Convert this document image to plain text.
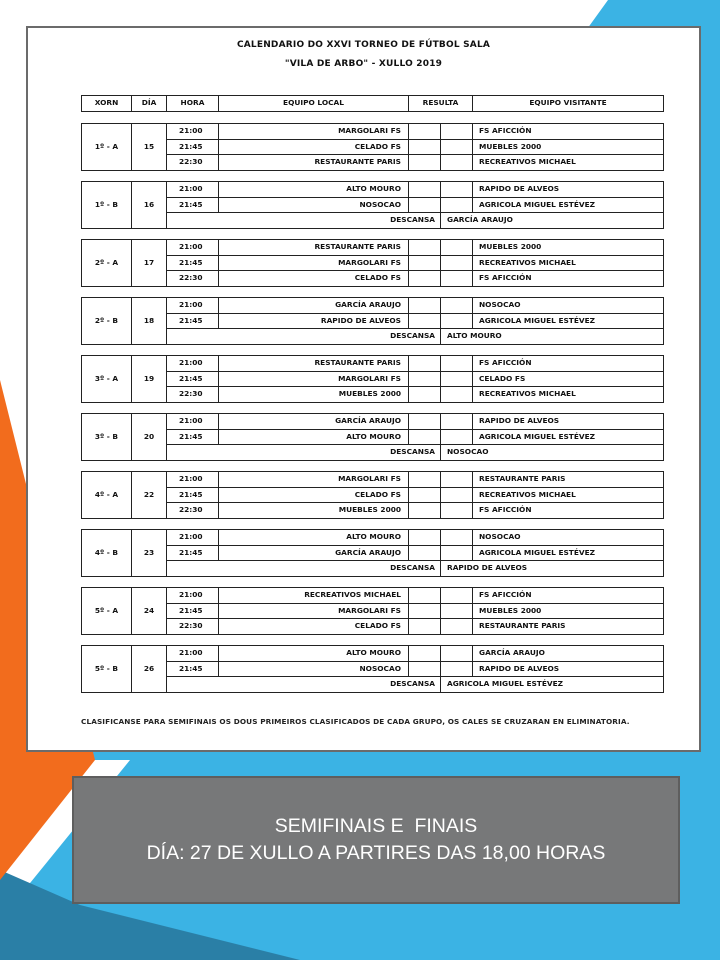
CALENDARIO DO XXVI TORNEO DE FÚTBOL SALA
"VILA DE ARBO" - XULLO 2019
XORN	DÍA	HORA	EQUIPO LOCAL	RESULTA	EQUIPO VISITANTE
1º - A	15	21:00	MARGOLARI FS			FS AFICCIÓN
		21:45	CELADO FS			MUEBLES 2000
		22:30	RESTAURANTE PARIS			RECREATIVOS MICHAEL
1º - B	16	21:00	ALTO MOURO			RAPIDO DE ALVEOS
		21:45	NOSOCAO			AGRICOLA MIGUEL ESTÉVEZ
		DESCANSA			GARCÍA ARAUJO	
2º - A	17	21:00	RESTAURANTE PARIS			MUEBLES 2000
		21:45	MARGOLARI FS			RECREATIVOS MICHAEL
		22:30	CELADO FS			FS AFICCIÓN
2º - B	18	21:00	GARCÍA ARAUJO			NOSOCAO
		21:45	RAPIDO DE ALVEOS			AGRICOLA MIGUEL ESTÉVEZ
		DESCANSA			ALTO MOURO	
3º - A	19	21:00	RESTAURANTE PARIS			FS AFICCIÓN
		21:45	MARGOLARI FS			CELADO FS
		22:30	MUEBLES 2000			RECREATIVOS MICHAEL
3º - B	20	21:00	GARCÍA ARAUJO			RAPIDO DE ALVEOS
		21:45	ALTO MOURO			AGRICOLA MIGUEL ESTÉVEZ
		DESCANSA			NOSOCAO	
4º - A	22	21:00	MARGOLARI FS			RESTAURANTE PARIS
		21:45	CELADO FS			RECREATIVOS MICHAEL
		22:30	MUEBLES 2000			FS AFICCIÓN
4º - B	23	21:00	ALTO MOURO			NOSOCAO
		21:45	GARCÍA ARAUJO			AGRICOLA MIGUEL ESTÉVEZ
		DESCANSA			RAPIDO DE ALVEOS	
5º - A	24	21:00	RECREATIVOS MICHAEL			FS AFICCIÓN
		21:45	MARGOLARI FS			MUEBLES 2000
		22:30	CELADO FS			RESTAURANTE PARIS
5º - B	26	21:00	ALTO MOURO			GARCÍA ARAUJO
		21:45	NOSOCAO			RAPIDO DE ALVEOS
		DESCANSA			AGRICOLA MIGUEL ESTÉVEZ	
CLASIFICANSE PARA SEMIFINAIS OS DOUS PRIMEIROS CLASIFICADOS DE CADA GRUPO, OS CALES SE CRUZARAN EN ELIMINATORIA.
SEMIFINAIS E  FINAIS
DÍA: 27 DE XULLO A PARTIRES DAS 18,00 HORAS
